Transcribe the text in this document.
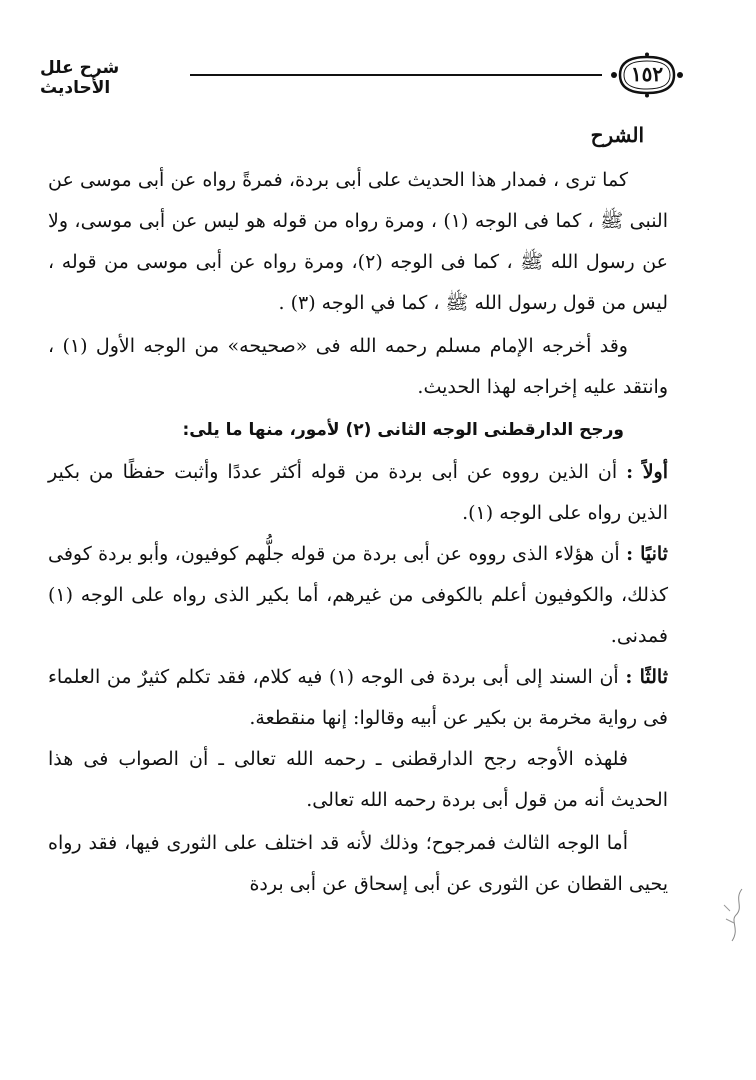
١٥٢
شرح علل الأحاديث
الشرح

كما ترى ، فمدار هذا الحديث على أبى بردة، فمرةً رواه عن أبى موسى عن النبى ﷺ ، كما فى الوجه (١) ، ومرة رواه من قوله هو ليس عن أبى موسى، ولا عن رسول الله ﷺ ، كما فى الوجه (٢)، ومرة رواه عن أبى موسى من قوله ، ليس من قول رسول الله ﷺ ، كما في الوجه (٣) .

وقد أخرجه الإمام مسلم رحمه الله فى «صحيحه» من الوجه الأول (١) ، وانتقد عليه إخراجه لهذا الحديث.

ورجح الدارقطنى الوجه الثانى (٢) لأمور، منها ما يلى:
أولاً : أن الذين رووه عن أبى بردة من قوله أكثر عددًا وأثبت حفظًا من بكير الذين رواه على الوجه (١).
ثانيًا : أن هؤلاء الذى رووه عن أبى بردة من قوله جلُّهم كوفيون، وأبو بردة كوفى كذلك، والكوفيون أعلم بالكوفى من غيرهم، أما بكير الذى رواه على الوجه (١) فمدنى.
ثالثًا : أن السند إلى أبى بردة فى الوجه (١) فيه كلام، فقد تكلم كثيرٌ من العلماء فى رواية مخرمة بن بكير عن أبيه وقالوا: إنها منقطعة.

فلهذه الأوجه رجح الدارقطنى ـ رحمه الله تعالى ـ أن الصواب فى هذا الحديث أنه من قول أبى بردة رحمه الله تعالى.

أما الوجه الثالث فمرجوح؛ وذلك لأنه قد اختلف على الثورى فيها، فقد رواه يحيى القطان عن الثورى عن أبى إسحاق عن أبى بردة
